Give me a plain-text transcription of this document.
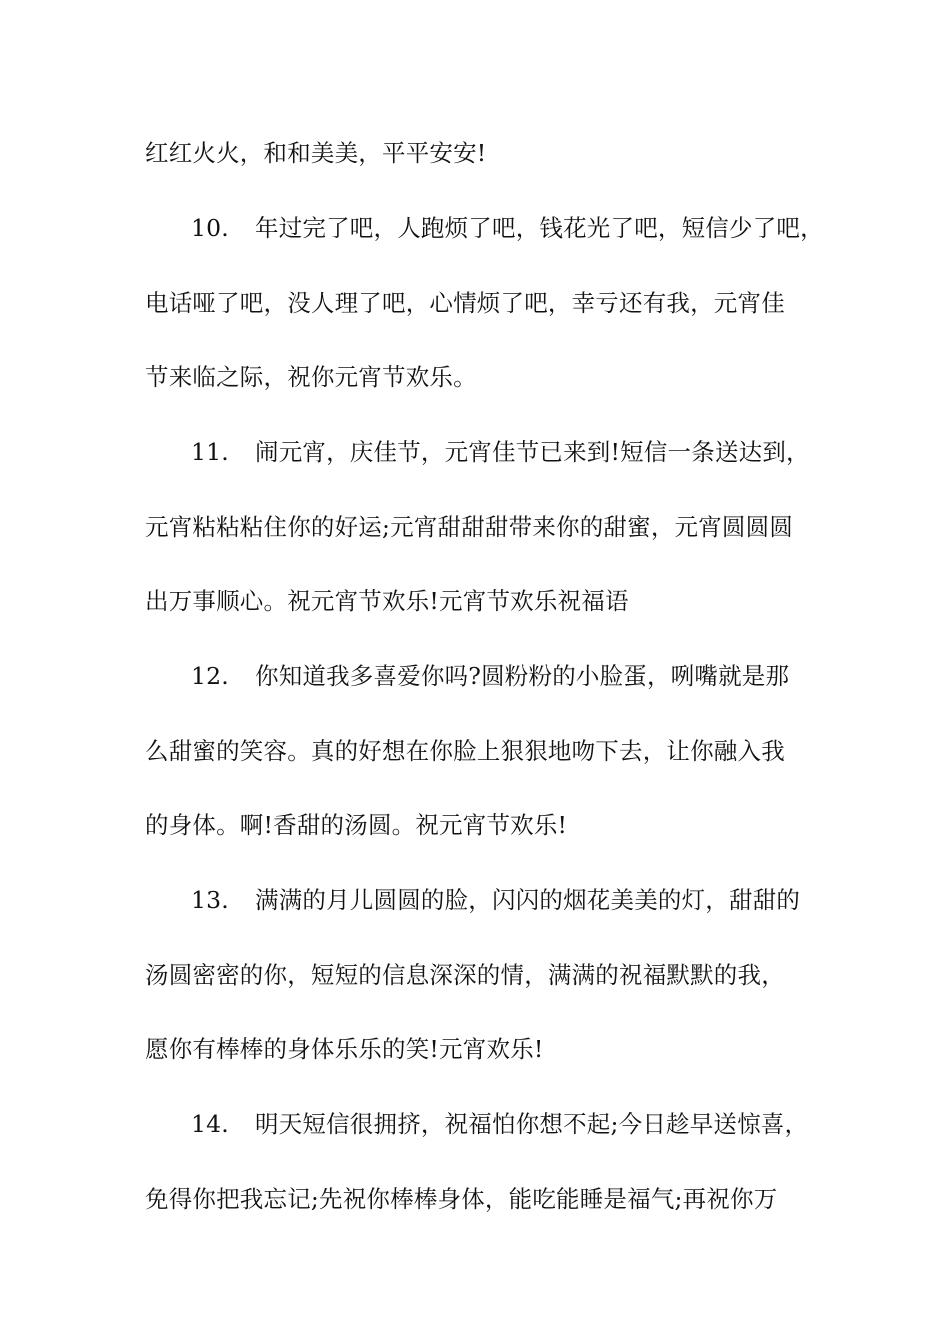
红红火火，和和美美，平平安安!
10. 年过完了吧，人跑烦了吧，钱花光了吧，短信少了吧，
电话哑了吧，没人理了吧，心情烦了吧，幸亏还有我，元宵佳
节来临之际，祝你元宵节欢乐。
11. 闹元宵，庆佳节，元宵佳节已来到!短信一条送达到，
元宵粘粘粘住你的好运;元宵甜甜甜带来你的甜蜜，元宵圆圆圆
出万事顺心。祝元宵节欢乐!元宵节欢乐祝福语
12. 你知道我多喜爱你吗?圆粉粉的小脸蛋，咧嘴就是那
么甜蜜的笑容。真的好想在你脸上狠狠地吻下去，让你融入我
的身体。啊!香甜的汤圆。祝元宵节欢乐!
13. 满满的月儿圆圆的脸，闪闪的烟花美美的灯，甜甜的
汤圆密密的你，短短的信息深深的情，满满的祝福默默的我，
愿你有棒棒的身体乐乐的笑!元宵欢乐!
14. 明天短信很拥挤，祝福怕你想不起;今日趁早送惊喜，
免得你把我忘记;先祝你棒棒身体，能吃能睡是福气;再祝你万
